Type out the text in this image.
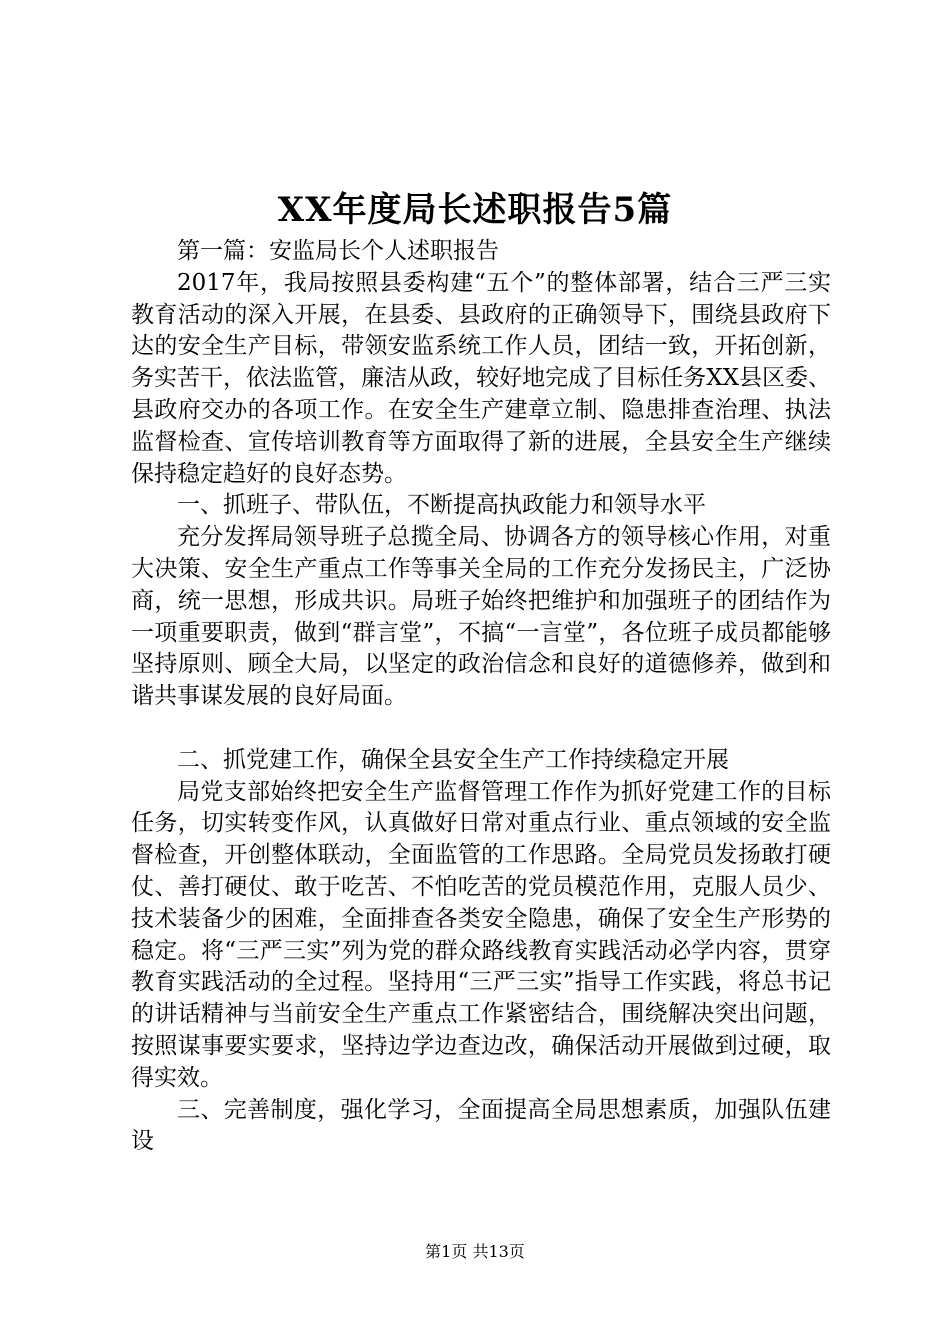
XX年度局长述职报告5篇

第一篇：安监局长个人述职报告

2017年，我局按照县委构建“五个”的整体部署，结合三严三实教育活动的深入开展，在县委、县政府的正确领导下，围绕县政府下达的安全生产目标，带领安监系统工作人员，团结一致，开拓创新，务实苦干，依法监管，廉洁从政，较好地完成了目标任务XX县区委、县政府交办的各项工作。在安全生产建章立制、隐患排查治理、执法监督检查、宣传培训教育等方面取得了新的进展，全县安全生产继续保持稳定趋好的良好态势。

一、抓班子、带队伍，不断提高执政能力和领导水平

充分发挥局领导班子总揽全局、协调各方的领导核心作用，对重大决策、安全生产重点工作等事关全局的工作充分发扬民主，广泛协商，统一思想，形成共识。局班子始终把维护和加强班子的团结作为一项重要职责，做到“群言堂”，不搞“一言堂”，各位班子成员都能够坚持原则、顾全大局，以坚定的政治信念和良好的道德修养，做到和谐共事谋发展的良好局面。

二、抓党建工作，确保全县安全生产工作持续稳定开展

局党支部始终把安全生产监督管理工作作为抓好党建工作的目标任务，切实转变作风，认真做好日常对重点行业、重点领域的安全监督检查，开创整体联动，全面监管的工作思路。全局党员发扬敢打硬仗、善打硬仗、敢于吃苦、不怕吃苦的党员模范作用，克服人员少、技术装备少的困难，全面排查各类安全隐患，确保了安全生产形势的稳定。将“三严三实”列为党的群众路线教育实践活动必学内容，贯穿教育实践活动的全过程。坚持用“三严三实”指导工作实践，将总书记的讲话精神与当前安全生产重点工作紧密结合，围绕解决突出问题，按照谋事要实要求，坚持边学边查边改，确保活动开展做到过硬，取得实效。

三、完善制度，强化学习，全面提高全局思想素质，加强队伍建设

第1页 共13页
